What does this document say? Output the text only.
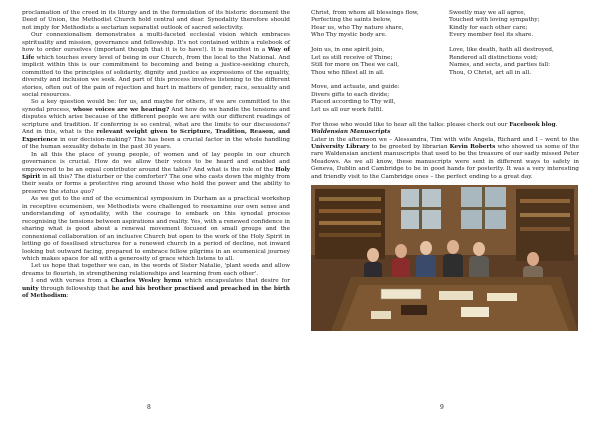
proclamation of the creed in its liturgy and in the formulation of its historic document the Deed of Union, the Methodist Church hold central and dear. Synodality therefore should not imply for Methodists a sectarian separatist outlook of sacred selectivity.

Our connexionalism demonstrates a multi-faceted ecclesial vision which embraces spirituality and mission, governance and fellowship. It's not contained within a rulebook of how to order ourselves (important though that it is to have!). It is manifest in a Way of Life which touches every level of being in our Church, from the local to the National. And implicit within this is our commitment to becoming and being a justice-seeking church, committed to the principles of solidarity, dignity and justice as expressions of the equality, diversity and inclusion we seek. And part of this process involves listening to the different stories, often out of the pain of rejection and hurt in matters of gender, race, sexuality and social resources.

So a key question would be: for us, and maybe for others, if we are committed to the synodal process, whose voices are we hearing? And how do we handle the tensions and disputes which arise because of the different people we are with our different readings of scripture and tradition. If conferring is so central, what are the limits to our discussions? And in this, what is the relevant weight given to Scripture, Tradition, Reason, and Experience in our decision-making? This has been a crucial factor in the whole handling of the human sexuality debate in the past 30 years.

In all this the place of young people, of women and of lay people in our church governance is crucial. How do we allow their voices to be heard and enabled and empowered to be an equal contributor around the table? And what is the role of the Holy Spirit in all this? The disturber or the comforter? The one who casts down the mighty from their seats or forms a protective ring around those who hold the power and the ability to preserve the status quo?

As we got to the end of the ecumenical symposium in Durham as a practical workshop in receptive ecumenism, we Methodists were challenged to reexamine our own sense and understanding of synodality, with the courage to embark on this synodal process recognising the tensions between aspirations and reality. Yes, with a renewed confidence in sharing what is good about a renewal movement focused on small groups and the connexional collaboration of an inclusive Church but open to the work of the Holy Spirit in letting go of fossilised structures for a renewed church in a period of decline, not inward looking but outward facing, prepared to embrace fellow pilgrims in an ecumenical journey which makes space for all with a generosity of grace which listens to all.

Let us hope that together we can, in the words of Sister Natalie, 'plant seeds and allow dreams to flourish, in strengthening relationships and learning from each other'.

I end with verses from a Charles Wesley hymn which encapsulates that desire for unity through fellowship that he and his brother practised and preached in the birth of Methodism:

8
Christ, from whom all blessings flow,
Perfecting the saints below,
Hear us, who Thy nature share,
Who Thy mystic body are.
Join us, in one spirit join,
Let us still receive of Thine;
Still for more on Thee we call,
Thou who fillest all in all.
Move, and actuate, and guide:
Divers gifts to each divide;
Placed according to Thy will,
Let us all our work fulfil.
Sweetly may we all agree,
Touched with loving sympathy;
Kindly for each other care;
Every member feel its share.
Love, like death, hath all destroyed,
Rendered all distinctions void;
Names, and sects, and parties fall:
Thou, O Christ, art all in all.

For those who would like to hear all the talks: please check out our Facebook blog.

Waldensian Manuscripts

Later in the afternoon we – Alessandra, Tim with wife Angela, Richard and I – went to the University Library to be greeted by librarian Kevin Roberts who showed us some of the rare Waldensian ancient manuscripts that used to be the treasure of our sadly missed Peter Meadows. As we all know, these manuscripts were sent in different ways to safety in Geneva, Dublin and Cambridge to be in good hands for posterity. It was a very interesting and friendly visit to the Cambridge ones – the perfect ending to a great day.

9
